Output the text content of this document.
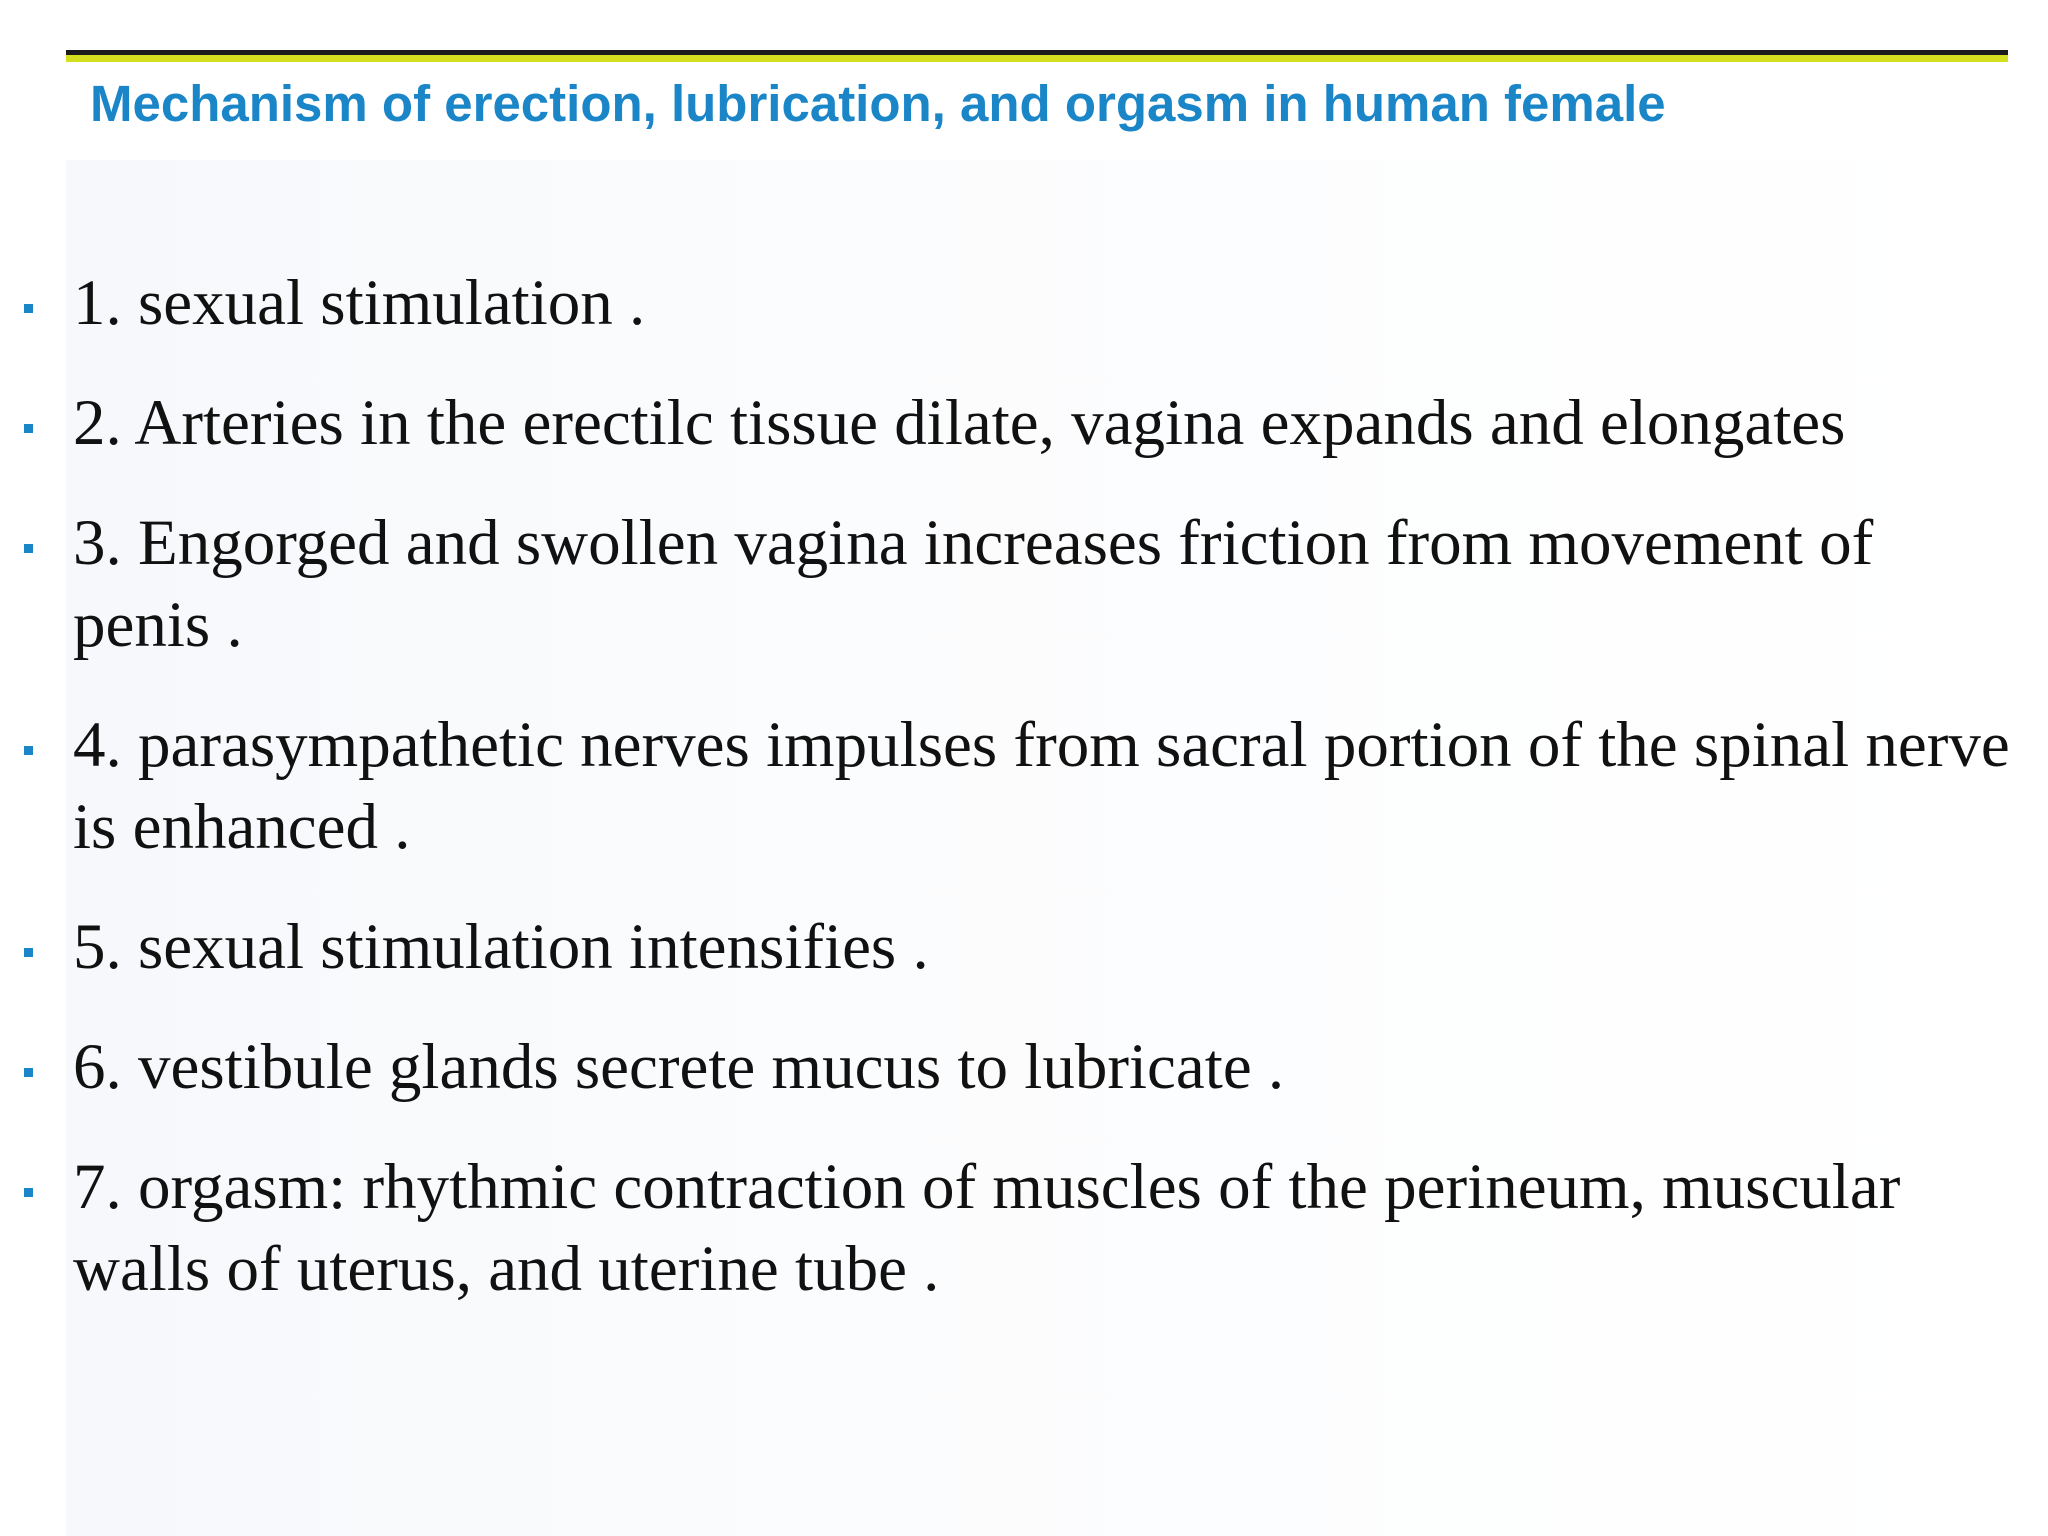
Mechanism of erection, lubrication, and orgasm in human female
1. sexual stimulation .
2. Arteries in the erectilc tissue dilate, vagina expands and elongates
3. Engorged and swollen vagina increases friction from movement of penis .
4. parasympathetic nerves impulses from sacral portion of the spinal nerve is enhanced .
5. sexual stimulation intensifies .
6. vestibule glands secrete mucus to lubricate .
7. orgasm: rhythmic contraction of muscles of the perineum, muscular walls of uterus, and uterine tube .
